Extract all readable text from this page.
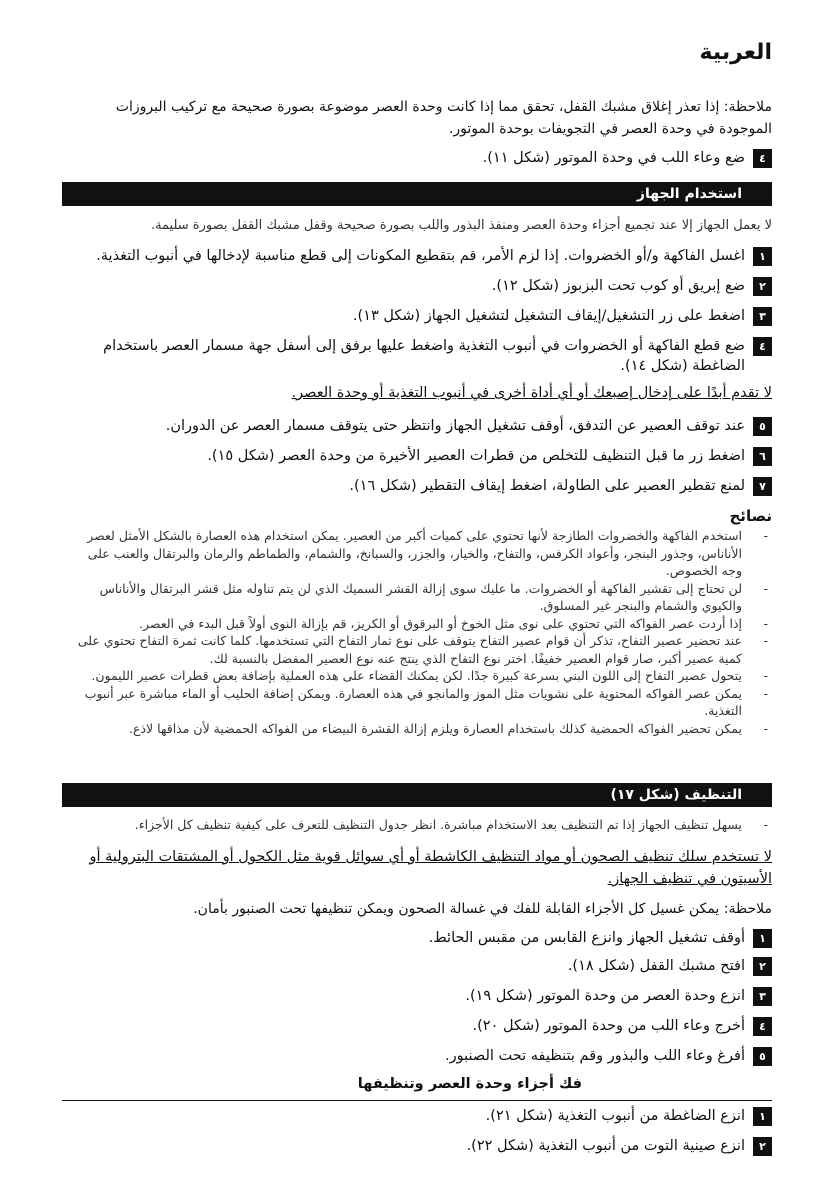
العربية
ملاحظة: إذا تعذر إغلاق مشبك القفل، تحقق مما إذا كانت وحدة العصر موضوعة بصورة صحيحة مع تركيب البروزات الموجودة في وحدة العصر في التجويفات بوحدة الموتور.
٤
ضع وعاء اللب في وحدة الموتور (شكل ١١).
استخدام الجهاز
لا يعمل الجهاز إلا عند تجميع أجزاء وحدة العصر ومنفذ البذور واللب بصورة صحيحة وقفل مشبك القفل بصورة سليمة.
١
اغسل الفاكهة و/أو الخضروات. إذا لزم الأمر، قم بتقطيع المكونات إلى قطع مناسبة لإدخالها في أنبوب التغذية.
٢
ضع إبريق أو كوب تحت البزبوز (شكل ١٢).
٣
اضغط على زر التشغيل/إيقاف التشغيل لتشغيل الجهاز (شكل ١٣).
٤
ضع قطع الفاكهة أو الخضروات في أنبوب التغذية واضغط عليها برفق إلى أسفل جهة مسمار العصر باستخدام الضاغطة (شكل ١٤).
لا تقدم أبدًا على إدخال إصبعك أو أي أداة أخرى في أنبوب التغذية أو وحدة العصر.
٥
عند توقف العصير عن التدفق، أوقف تشغيل الجهاز وانتظر حتى يتوقف مسمار العصر عن الدوران.
٦
اضغط زر ما قبل التنظيف للتخلص من قطرات العصير الأخيرة من وحدة العصر (شكل ١٥).
٧
لمنع تقطير العصير على الطاولة، اضغط إيقاف التقطير (شكل ١٦).
نصائح
- استخدم الفاكهة والخضروات الطازجة لأنها تحتوي على كميات أكبر من العصير. يمكن استخدام هذه العصارة بالشكل الأمثل لعصر الأناناس، وجذور البنجر، وأعواد الكرفس، والتفاح، والخيار، والجزر، والسبانخ، والشمام، والطماطم والرمان والبرتقال والعنب على وجه الخصوص.
- لن تحتاج إلى تقشير الفاكهة أو الخضروات. ما عليك سوى إزالة القشر السميك الذي لن يتم تناوله مثل قشر البرتقال والأناناس والكيوي والشمام والبنجر غير المسلوق.
- إذا أردت عصر الفواكه التي تحتوي على نوى مثل الخوخ أو البرقوق أو الكريز، قم بإزالة النوى أولاً قبل البدء في العصر.
- عند تحضير عصير التفاح، تذكر أن قوام عصير التفاح يتوقف على نوع ثمار التفاح التي تستخدمها. كلما كانت ثمرة التفاح تحتوي على كمية عصير أكبر، صار قوام العصير خفيفًا. اختر نوع التفاح الذي ينتج عنه نوع العصير المفضل بالنسبة لك.
- يتحول عصير التفاح إلى اللون البني بسرعة كبيرة جدًا. لكن يمكنك القضاء على هذه العملية بإضافة بعض قطرات عصير الليمون.
- يمكن عصر الفواكه المحتوية على نشويات مثل الموز والمانجو في هذه العصارة. ويمكن إضافة الحليب أو الماء مباشرة عبر أنبوب التغذية.
- يمكن تحضير الفواكه الحمضية كذلك باستخدام العصارة ويلزم إزالة القشرة البيضاء من الفواكه الحمضية لأن مذاقها لاذع.
التنظيف (شكل ١٧)
- يسهل تنظيف الجهاز إذا تم التنظيف بعد الاستخدام مباشرة. انظر جدول التنظيف للتعرف على كيفية تنظيف كل الأجزاء.
لا تستخدم سلك تنظيف الصحون أو مواد التنظيف الكاشطة أو أي سوائل قوية مثل الكحول أو المشتقات البترولية أو الأسيتون في تنظيف الجهاز.
ملاحظة: يمكن غسيل كل الأجزاء القابلة للفك في غسالة الصحون ويمكن تنظيفها تحت الصنبور بأمان.
١
أوقف تشغيل الجهاز وانزع القابس من مقبس الحائط.
٢
افتح مشبك القفل (شكل ١٨).
٣
انزع وحدة العصر من وحدة الموتور (شكل ١٩).
٤
أخرج وعاء اللب من وحدة الموتور (شكل ٢٠).
٥
أفرغ وعاء اللب والبذور وقم بتنظيفه تحت الصنبور.
فك أجزاء وحدة العصر وتنظيفها
١
انزع الضاغطة من أنبوب التغذية (شكل ٢١).
٢
انزع صينية التوت من أنبوب التغذية (شكل ٢٢).
